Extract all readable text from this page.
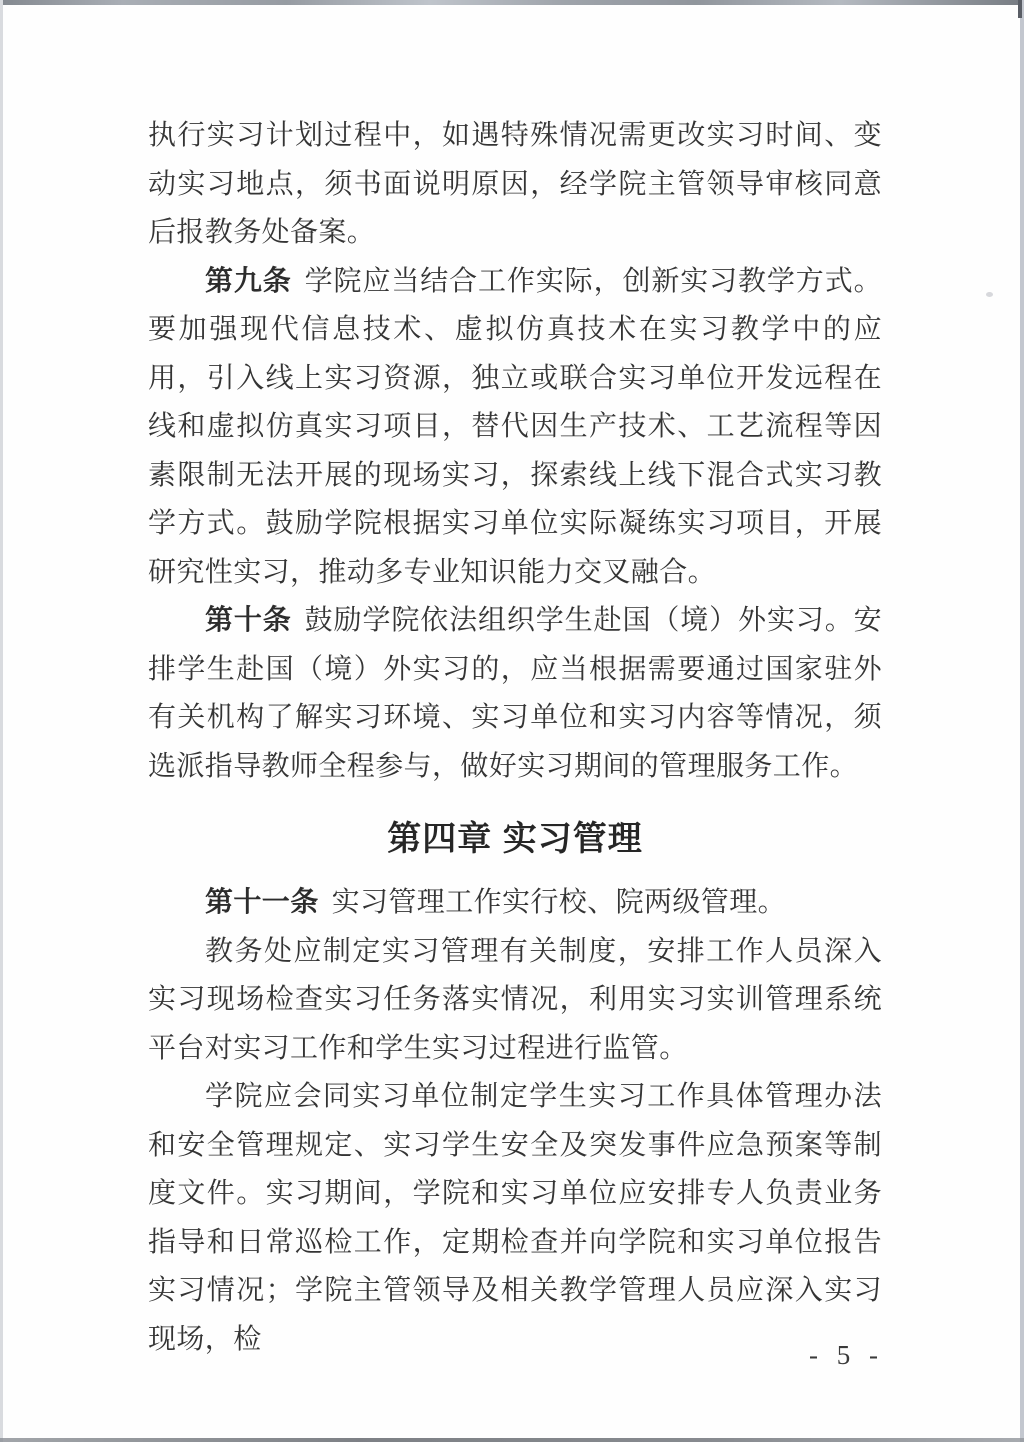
执行实习计划过程中，如遇特殊情况需更改实习时间、变动实习地点，须书面说明原因，经学院主管领导审核同意后报教务处备案。

第九条 学院应当结合工作实际，创新实习教学方式。要加强现代信息技术、虚拟仿真技术在实习教学中的应用，引入线上实习资源，独立或联合实习单位开发远程在线和虚拟仿真实习项目，替代因生产技术、工艺流程等因素限制无法开展的现场实习，探索线上线下混合式实习教学方式。鼓励学院根据实习单位实际凝练实习项目，开展研究性实习，推动多专业知识能力交叉融合。

第十条 鼓励学院依法组织学生赴国（境）外实习。安排学生赴国（境）外实习的，应当根据需要通过国家驻外有关机构了解实习环境、实习单位和实习内容等情况，须选派指导教师全程参与，做好实习期间的管理服务工作。

第四章 实习管理

第十一条 实习管理工作实行校、院两级管理。

教务处应制定实习管理有关制度，安排工作人员深入实习现场检查实习任务落实情况，利用实习实训管理系统平台对实习工作和学生实习过程进行监管。

学院应会同实习单位制定学生实习工作具体管理办法和安全管理规定、实习学生安全及突发事件应急预案等制度文件。实习期间，学院和实习单位应安排专人负责业务指导和日常巡检工作，定期检查并向学院和实习单位报告实习情况；学院主管领导及相关教学管理人员应深入实习现场，检

- 5 -
